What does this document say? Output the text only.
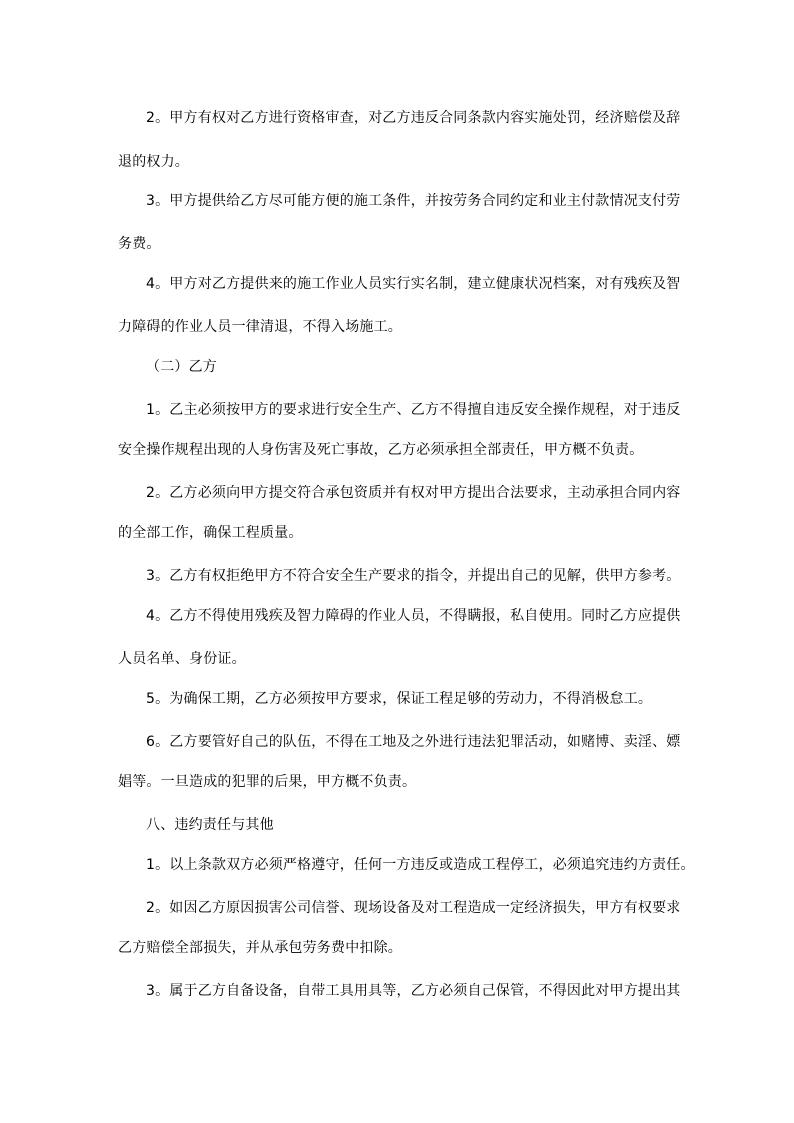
2。甲方有权对乙方进行资格审查，对乙方违反合同条款内容实施处罚，经济赔偿及辞
退的权力。
3。甲方提供给乙方尽可能方便的施工条件，并按劳务合同约定和业主付款情况支付劳
务费。
4。甲方对乙方提供来的施工作业人员实行实名制，建立健康状况档案，对有残疾及智
力障碍的作业人员一律清退，不得入场施工。
（二）乙方
1。乙主必须按甲方的要求进行安全生产、乙方不得擅自违反安全操作规程，对于违反
安全操作规程出现的人身伤害及死亡事故，乙方必须承担全部责任，甲方概不负责。
2。乙方必须向甲方提交符合承包资质并有权对甲方提出合法要求，主动承担合同内容
的全部工作，确保工程质量。
3。乙方有权拒绝甲方不符合安全生产要求的指令，并提出自己的见解，供甲方参考。
4。乙方不得使用残疾及智力障碍的作业人员，不得瞒报，私自使用。同时乙方应提供
人员名单、身份证。
5。为确保工期，乙方必须按甲方要求，保证工程足够的劳动力，不得消极怠工。
6。乙方要管好自己的队伍，不得在工地及之外进行违法犯罪活动，如赌博、卖淫、嫖
娼等。一旦造成的犯罪的后果，甲方概不负责。
八、违约责任与其他
1。以上条款双方必须严格遵守，任何一方违反或造成工程停工，必须追究违约方责任。
2。如因乙方原因损害公司信誉、现场设备及对工程造成一定经济损失，甲方有权要求
乙方赔偿全部损失，并从承包劳务费中扣除。
3。属于乙方自备设备，自带工具用具等，乙方必须自己保管，不得因此对甲方提出其
